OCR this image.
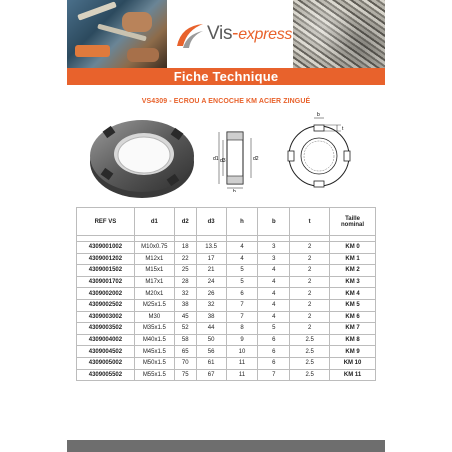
Vis-express
Fiche Technique
VS4309 - ECROU A ENCOCHE KM ACIER ZINGUÉ
d1 d3	d2
h
b
t
REF VS	d1	d2	d3	h	b	t	Taille
nominal

4309001002	M10x0.75	18	13.5	4	3	2	KM 0
4309001202	M12x1	22	17	4	3	2	KM 1
4309001502	M15x1	25	21	5	4	2	KM 2
4309001702	M17x1	28	24	5	4	2	KM 3
4309002002	M20x1	32	26	6	4	2	KM 4
4309002502	M25x1.5	38	32	7	4	2	KM 5
4309003002	M30	45	38	7	4	2	KM 6
4309003502	M35x1.5	52	44	8	5	2	KM 7
4309004002	M40x1.5	58	50	9	6	2.5	KM 8
4309004502	M45x1.5	65	56	10	6	2.5	KM 9
4309005002	M50x1.5	70	61	11	6	2.5	KM 10
4309005502	M55x1.5	75	67	11	7	2.5	KM 11
